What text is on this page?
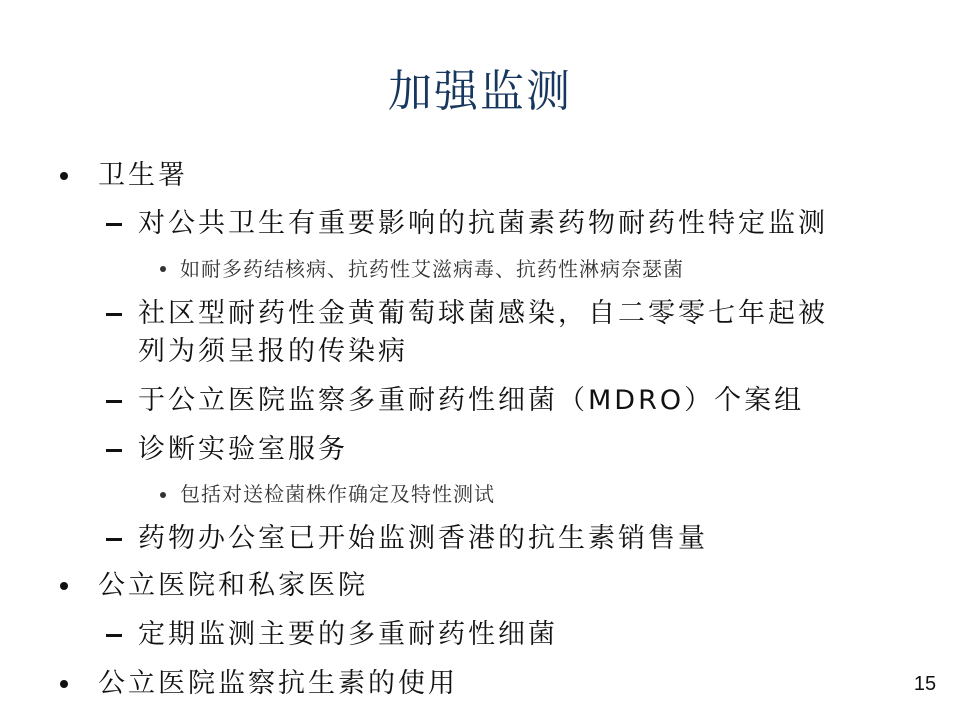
加强监测
卫生署
对公共卫生有重要影响的抗菌素药物耐药性特定监测
如耐多药结核病、抗药性艾滋病毒、抗药性淋病奈瑟菌
社区型耐药性金黄葡萄球菌感染，自二零零七年起被
列为须呈报的传染病
于公立医院监察多重耐药性细菌（MDRO）个案组
诊断实验室服务
包括对送检菌株作确定及特性测试
药物办公室已开始监测香港的抗生素销售量
公立医院和私家医院
定期监测主要的多重耐药性细菌
公立医院监察抗生素的使用	15
